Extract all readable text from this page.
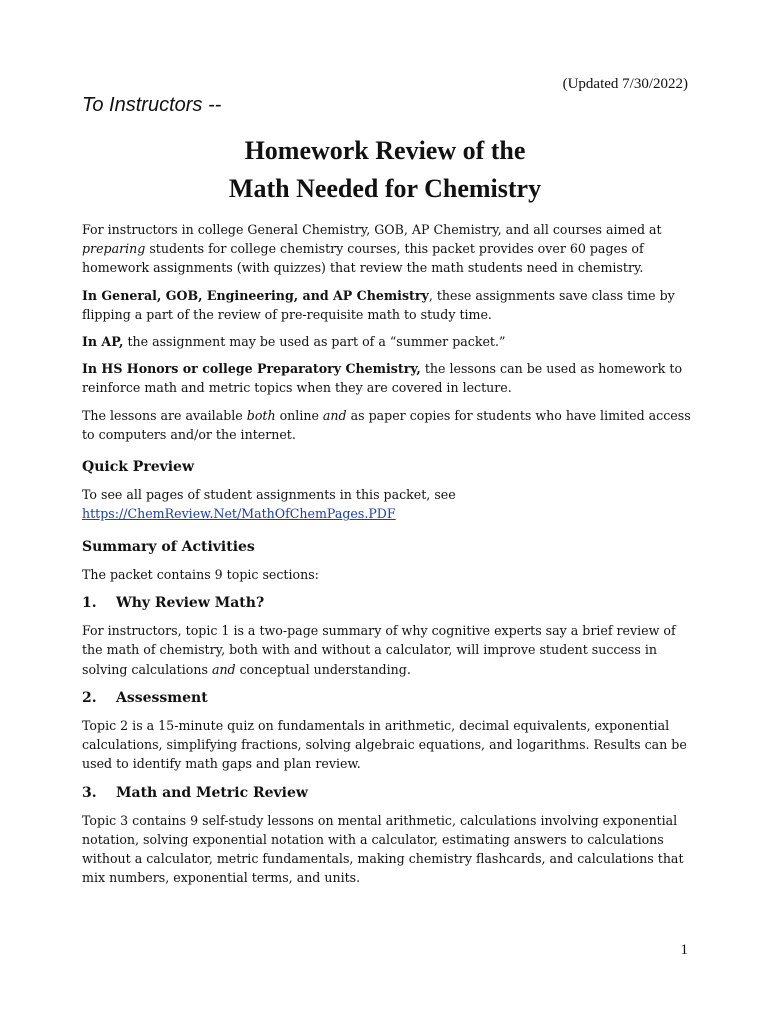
(Updated 7/30/2022)
To Instructors --
Homework Review of the
Math Needed for Chemistry

For instructors in college General Chemistry, GOB, AP Chemistry, and all courses aimed at preparing students for college chemistry courses, this packet provides over 60 pages of homework assignments (with quizzes) that review the math students need in chemistry.

In General, GOB, Engineering, and AP Chemistry, these assignments save class time by flipping a part of the review of pre-requisite math to study time.

In AP, the assignment may be used as part of a “summer packet.”

In HS Honors or college Preparatory Chemistry, the lessons can be used as homework to reinforce math and metric topics when they are covered in lecture.

The lessons are available both online and as paper copies for students who have limited access to computers and/or the internet.

Quick Preview

To see all pages of student assignments in this packet, see
https://ChemReview.Net/MathOfChemPages.PDF

Summary of Activities

The packet contains 9 topic sections:

1.	Why Review Math?

For instructors, topic 1 is a two-page summary of why cognitive experts say a brief review of the math of chemistry, both with and without a calculator, will improve student success in solving calculations and conceptual understanding.

2.	Assessment

Topic 2 is a 15-minute quiz on fundamentals in arithmetic, decimal equivalents, exponential calculations, simplifying fractions, solving algebraic equations, and logarithms. Results can be used to identify math gaps and plan review.

3.	Math and Metric Review

Topic 3 contains 9 self-study lessons on mental arithmetic, calculations involving exponential notation, solving exponential notation with a calculator, estimating answers to calculations without a calculator, metric fundamentals, making chemistry flashcards, and calculations that mix numbers, exponential terms, and units.

1
